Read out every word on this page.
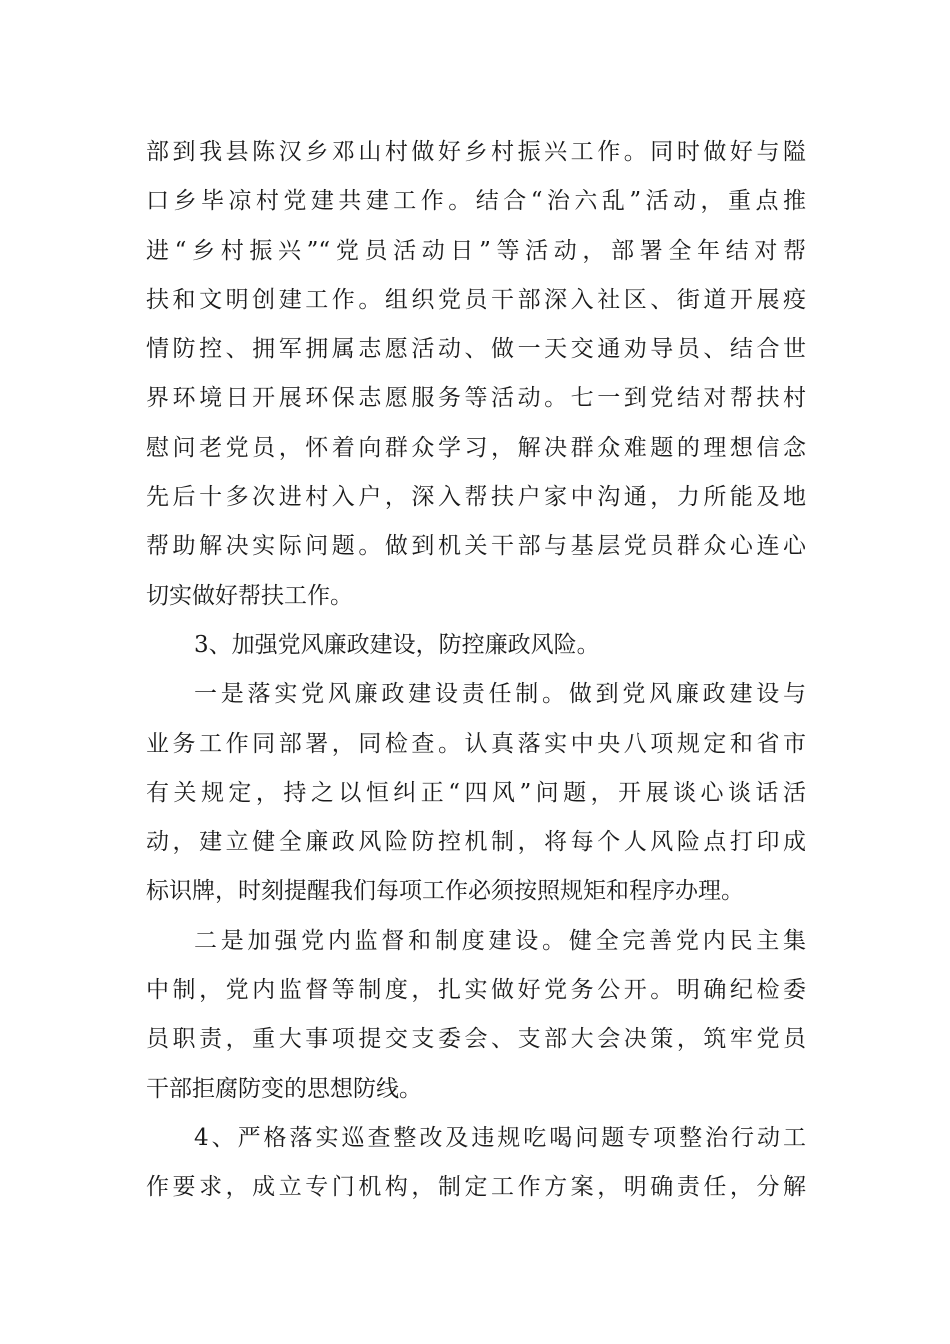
部到我县陈汉乡邓山村做好乡村振兴工作。同时做好与隘
口乡毕凉村党建共建工作。结合“治六乱”活动，重点推
进“乡村振兴”“党员活动日”等活动，部署全年结对帮
扶和文明创建工作。组织党员干部深入社区、街道开展疫
情防控、拥军拥属志愿活动、做一天交通劝导员、结合世
界环境日开展环保志愿服务等活动。七一到党结对帮扶村
慰问老党员，怀着向群众学习，解决群众难题的理想信念
先后十多次进村入户，深入帮扶户家中沟通，力所能及地
帮助解决实际问题。做到机关干部与基层党员群众心连心
切实做好帮扶工作。
3、加强党风廉政建设，防控廉政风险。
一是落实党风廉政建设责任制。做到党风廉政建设与
业务工作同部署，同检查。认真落实中央八项规定和省市
有关规定，持之以恒纠正“四风”问题，开展谈心谈话活
动，建立健全廉政风险防控机制，将每个人风险点打印成
标识牌，时刻提醒我们每项工作必须按照规矩和程序办理。
二是加强党内监督和制度建设。健全完善党内民主集
中制，党内监督等制度，扎实做好党务公开。明确纪检委
员职责，重大事项提交支委会、支部大会决策，筑牢党员
干部拒腐防变的思想防线。
4、严格落实巡查整改及违规吃喝问题专项整治行动工
作要求，成立专门机构，制定工作方案，明确责任，分解
